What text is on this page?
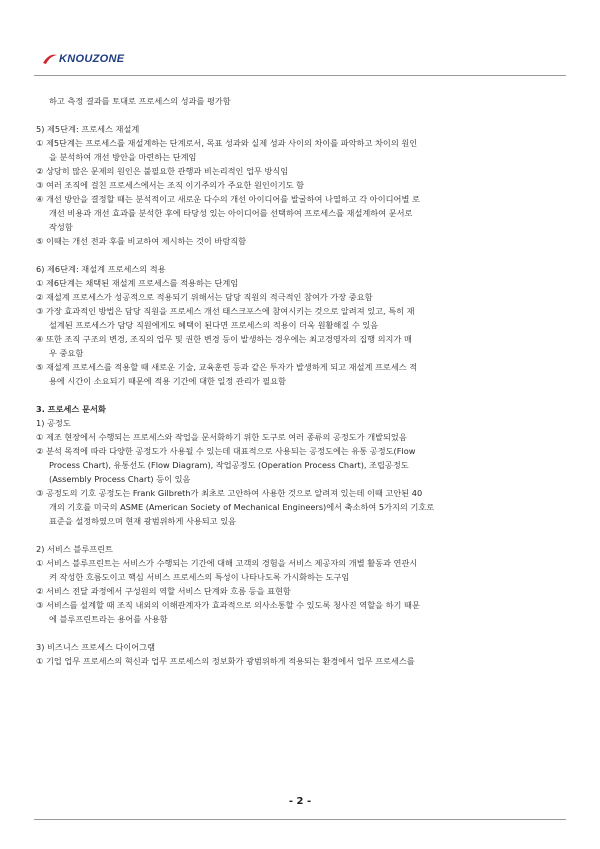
KNOUZONE
하고 측정 결과를 토대로 프로세스의 성과를 평가함
5) 제5단계: 프로세스 재설계
① 제5단계는 프로세스를 재설계하는 단계로서, 목표 성과와 실제 성과 사이의 차이를 파악하고 차이의 원인
을 분석하여 개선 방안을 마련하는 단계임
② 상당히 많은 문제의 원인은 불필요한 관행과 비논리적인 업무 방식임
③ 여러 조직에 걸친 프로세스에서는 조직 이기주의가 주요한 원인이기도 함
④ 개선 방안을 결정할 때는 분석적이고 새로운 다수의 개선 아이디어를 발굴하여 나열하고 각 아이디어별 로
개선 비용과 개선 효과를 분석한 후에 타당성 있는 아이디어를 선택하여 프로세스를 재설계하여 문서로
작성함
⑤ 이때는 개선 전과 후를 비교하여 제시하는 것이 바람직함
6) 제6단계: 재설계 프로세스의 적용
① 제6단계는 채택된 재설계 프로세스를 적용하는 단계임
② 재설계 프로세스가 성공적으로 적용되기 위해서는 담당 직원의 적극적인 참여가 가장 중요함
③ 가장 효과적인 방법은 담당 직원을 프로세스 개선 태스크포스에 참여시키는 것으로 알려져 있고, 특히 재
설계된 프로세스가 담당 직원에게도 혜택이 된다면 프로세스의 적용이 더욱 원활해질 수 있음
④ 또한 조직 구조의 변경, 조직의 업무 및 권한 변경 등이 발생하는 경우에는 최고경영자의 집행 의지가 매
우 중요함
⑤ 재설계 프로세스를 적용할 때 새로운 기술, 교육훈련 등과 같은 투자가 발생하게 되고 재설계 프로세스 적
용에 시간이 소요되기 때문에 적용 기간에 대한 일정 관리가 필요함
3. 프로세스 문서화
1) 공정도
① 제조 현장에서 수행되는 프로세스와 작업을 문서화하기 위한 도구로 여러 종류의 공정도가 개발되었음
② 분석 목적에 따라 다양한 공정도가 사용될 수 있는데 대표적으로 사용되는 공정도에는 유통 공정도(Flow
Process Chart), 유통선도 (Flow Diagram), 작업공정도 (Operation Process Chart), 조립공정도
(Assembly Process Chart) 등이 있음
③ 공정도의 기호 공정도는 Frank Gilbreth가 최초로 고안하여 사용한 것으로 알려져 있는데 이때 고안된 40
개의 기호를 미국의 ASME (American Society of Mechanical Engineers)에서 축소하여 5가지의 기호로
표준을 설정하였으며 현재 광범위하게 사용되고 있음
2) 서비스 블루프린트
① 서비스 블루프린트는 서비스가 수행되는 기간에 대해 고객의 경험을 서비스 제공자의 개별 활동과 연관시
켜 작성한 흐름도이고 핵심 서비스 프로세스의 특성이 나타나도록 가시화하는 도구임
② 서비스 전달 과정에서 구성원의 역할 서비스 단계와 흐름 등을 표현함
③ 서비스를 설계할 때 조직 내외의 이해관계자가 효과적으로 의사소통할 수 있도록 청사진 역할을 하기 때문
에 블루프린트라는 용어를 사용함
3) 비즈니스 프로세스 다이어그램
① 기업 업무 프로세스의 혁신과 업무 프로세스의 정보화가 광범위하게 적용되는 환경에서 업무 프로세스를
- 2 -
